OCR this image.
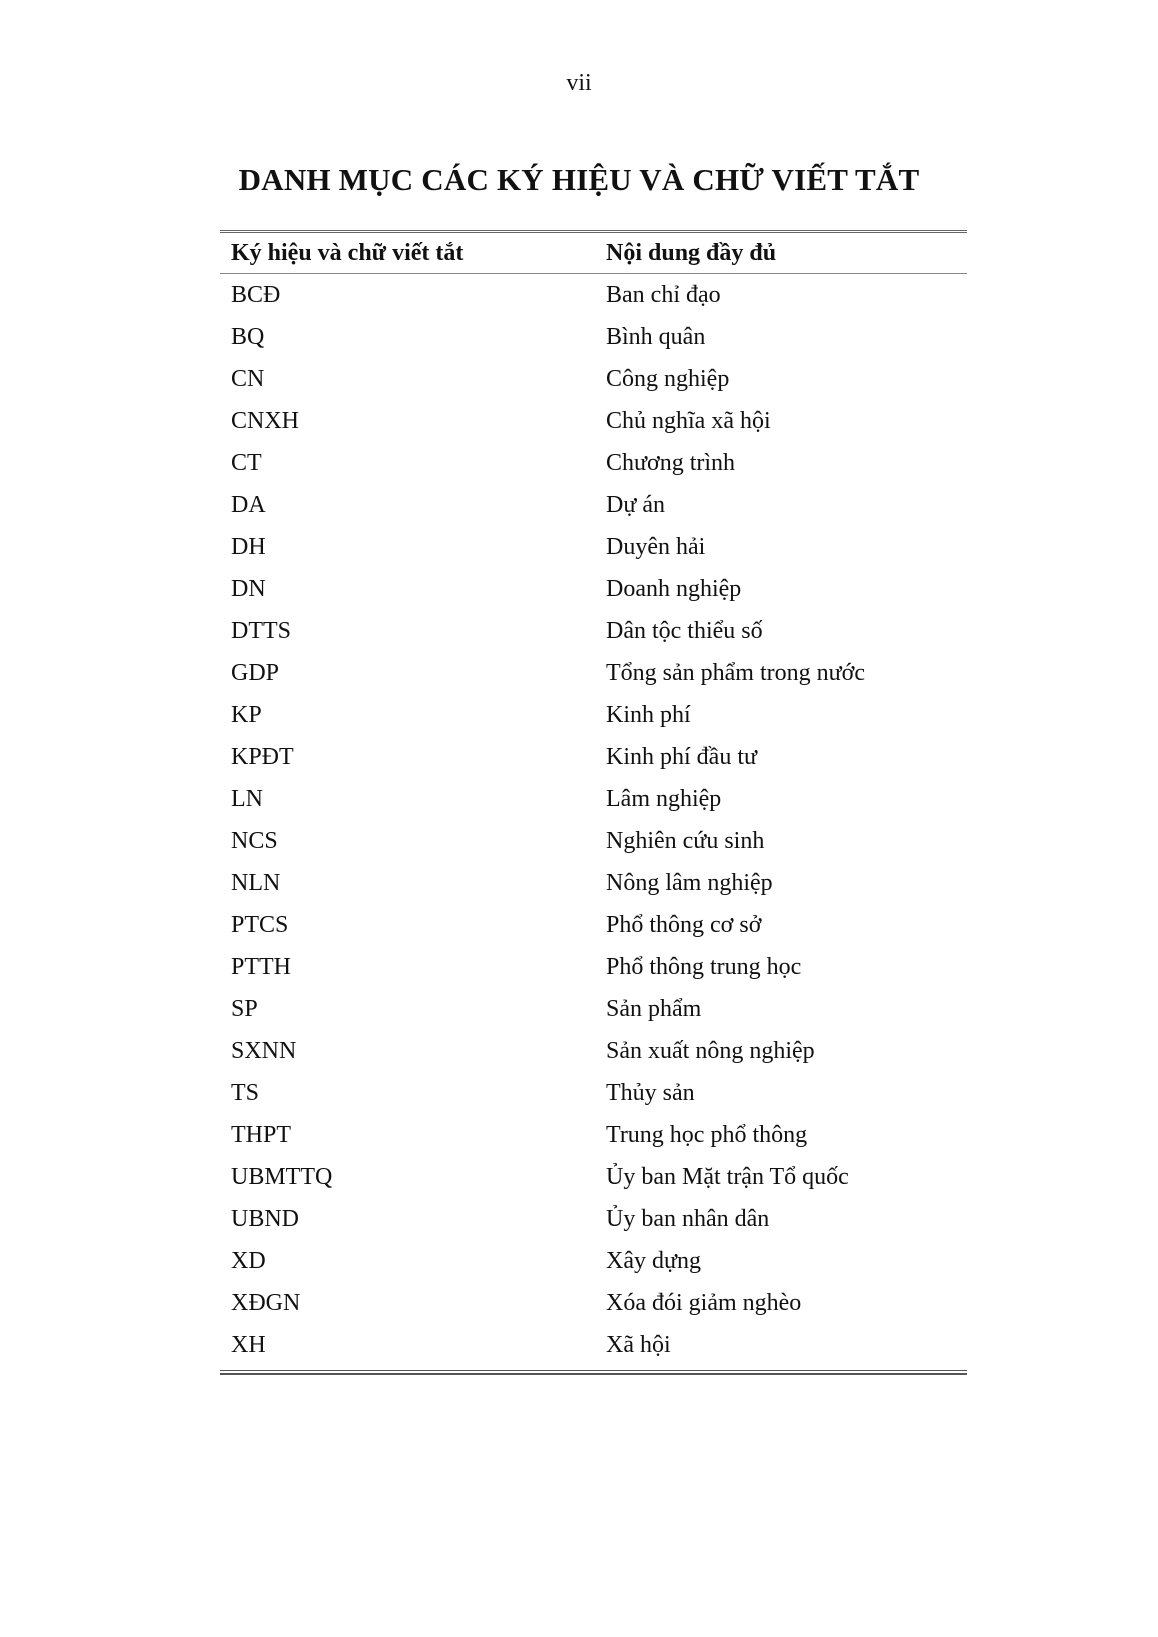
vii
DANH MỤC CÁC KÝ HIỆU VÀ CHỮ VIẾT TẮT
Ký hiệu và chữ viết tắt	Nội dung đầy đủ
BCĐ	Ban chỉ đạo
BQ	Bình quân
CN	Công nghiệp
CNXH	Chủ nghĩa xã hội
CT	Chương trình
DA	Dự án
DH	Duyên hải
DN	Doanh nghiệp
DTTS	Dân tộc thiểu số
GDP	Tổng sản phẩm trong nước
KP	Kinh phí
KPĐT	Kinh phí đầu tư
LN	Lâm nghiệp
NCS	Nghiên cứu sinh
NLN	Nông lâm nghiệp
PTCS	Phổ thông cơ sở
PTTH	Phổ thông trung học
SP	Sản phẩm
SXNN	Sản xuất nông nghiệp
TS	Thủy sản
THPT	Trung học phổ thông
UBMTTQ	Ủy ban Mặt trận Tổ quốc
UBND	Ủy ban nhân dân
XD	Xây dựng
XĐGN	Xóa đói giảm nghèo
XH	Xã hội
